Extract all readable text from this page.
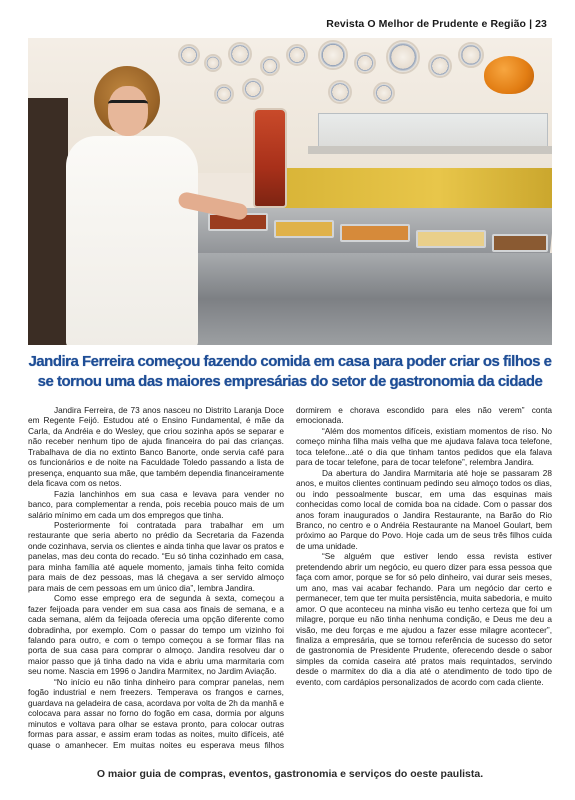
Revista O Melhor de Prudente e Região | 23
Jandira Ferreira começou fazendo comida em casa para poder criar os filhos e se tornou uma das maiores empresárias do setor de gastronomia da cidade

Jandira Ferreira, de 73 anos nasceu no Distrito Laranja Doce em Regente Feijó. Estudou até o Ensino Fundamental, é mãe da Carla, da Andréia e do Wesley, que criou sozinha após se separar e não receber nenhum tipo de ajuda financeira do pai das crianças. Trabalhava de dia no extinto Banco Banorte, onde servia café para os funcionários e de noite na Faculdade Toledo passando a lista de presença, enquanto sua mãe, que também dependia financeiramente dela ficava com os netos.

Fazia lanchinhos em sua casa e levava para vender no banco, para complementar a renda, pois recebia pouco mais de um salário mínimo em cada um dos empregos que tinha.

Posteriormente foi contratada para trabalhar em um restaurante que seria aberto no prédio da Secretaria da Fazenda onde cozinhava, servia os clientes e ainda tinha que lavar os pratos e panelas, mas deu conta do recado. “Eu só tinha cozinhado em casa, para minha família até aquele momento, jamais tinha feito comida para mais de dez pessoas, mas lá chegava a ser servido almoço para mais de cem pessoas em um único dia”, lembra Jandira.

Como esse emprego era de segunda à sexta, começou a fazer feijoada para vender em sua casa aos finais de semana, e a cada semana, além da feijoada oferecia uma opção diferente como dobradinha, por exemplo. Com o passar do tempo um vizinho foi falando para outro, e com o tempo começou a se formar filas na porta de sua casa para comprar o almoço. Jandira resolveu dar o maior passo que já tinha dado na vida e abriu uma marmitaria com seu nome. Nascia em 1996 o Jandira Marmitex, no Jardim Aviação.

“No início eu não tinha dinheiro para comprar panelas, nem fogão industrial e nem freezers. Temperava os frangos e carnes, guardava na geladeira de casa, acordava por volta de 2h da manhã e colocava para assar no forno do fogão em casa, dormia por alguns minutos e voltava para olhar se estava pronto, para colocar outras formas para assar, e assim eram todas as noites, muito difíceis, até quase o amanhecer. Em muitas noites eu esperava meus filhos dormirem e chorava escondido para eles não verem” conta emocionada.

“Além dos momentos difíceis, existiam momentos de riso. No começo minha filha mais velha que me ajudava falava toca telefone, toca telefone...até o dia que tinham tantos pedidos que ela falava para de tocar telefone, para de tocar telefone”, relembra Jandira.

Da abertura do Jandira Marmitaria até hoje se passaram 28 anos, e muitos clientes continuam pedindo seu almoço todos os dias, ou indo pessoalmente buscar, em uma das esquinas mais conhecidas como local de comida boa na cidade. Com o passar dos anos foram inaugurados o Jandira Restaurante, na Barão do Rio Branco, no centro e o Andréia Restaurante na Manoel Goulart, bem próximo ao Parque do Povo. Hoje cada um de seus três filhos cuida de uma unidade.

“Se alguém que estiver lendo essa revista estiver pretendendo abrir um negócio, eu quero dizer para essa pessoa que faça com amor, porque se for só pelo dinheiro, vai durar seis meses, um ano, mas vai acabar fechando. Para um negócio dar certo e permanecer, tem que ter muita persistência, muita sabedoria, e muito amor. O que aconteceu na minha visão eu tenho certeza que foi um milagre, porque eu não tinha nenhuma condição, e Deus me deu a visão, me deu forças e me ajudou a fazer esse milagre acontecer”, finaliza a empresária, que se tornou referência de sucesso do setor de gastronomia de Presidente Prudente, oferecendo desde o sabor simples da comida caseira até pratos mais requintados, servindo desde o marmitex do dia a dia até o atendimento de todo tipo de evento, com cardápios personalizados de acordo com cada cliente.

O maior guia de compras, eventos, gastronomia e serviços do oeste paulista.
